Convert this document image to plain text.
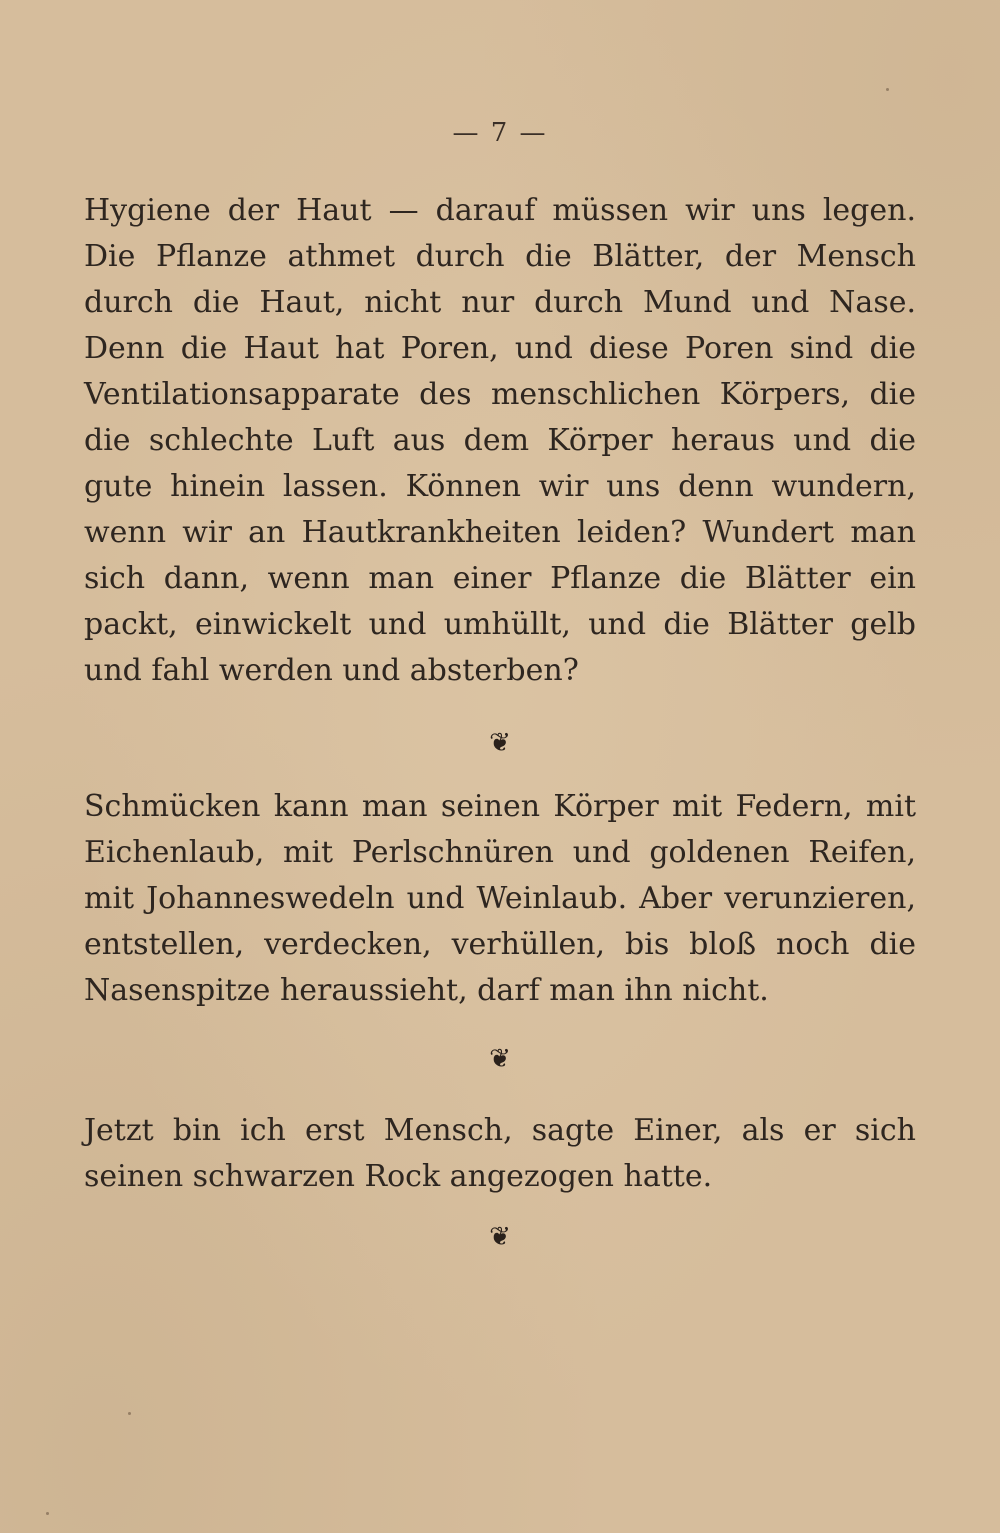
— 7 —

Hygiene der Haut — darauf müssen wir uns legen. Die Pflanze athmet durch die Blätter, der Mensch durch die Haut, nicht nur durch Mund und Nase. Denn die Haut hat Poren, und diese Poren sind die Ventilationsapparate des menschlichen Körpers, die die schlechte Luft aus dem Körper heraus und die gute hinein lassen. Können wir uns denn wundern, wenn wir an Hautkrankheiten leiden? Wundert man sich dann, wenn man einer Pflanze die Blätter ein packt, einwickelt und umhüllt, und die Blätter gelb und fahl werden und absterben?

❦

Schmücken kann man seinen Körper mit Federn, mit Eichenlaub, mit Perlschnüren und goldenen Reifen, mit Johanneswedeln und Weinlaub. Aber verunzieren, entstellen, verdecken, verhüllen, bis bloß noch die Nasenspitze heraussieht, darf man ihn nicht.

❦

Jetzt bin ich erst Mensch, sagte Einer, als er sich seinen schwarzen Rock angezogen hatte.

❦
